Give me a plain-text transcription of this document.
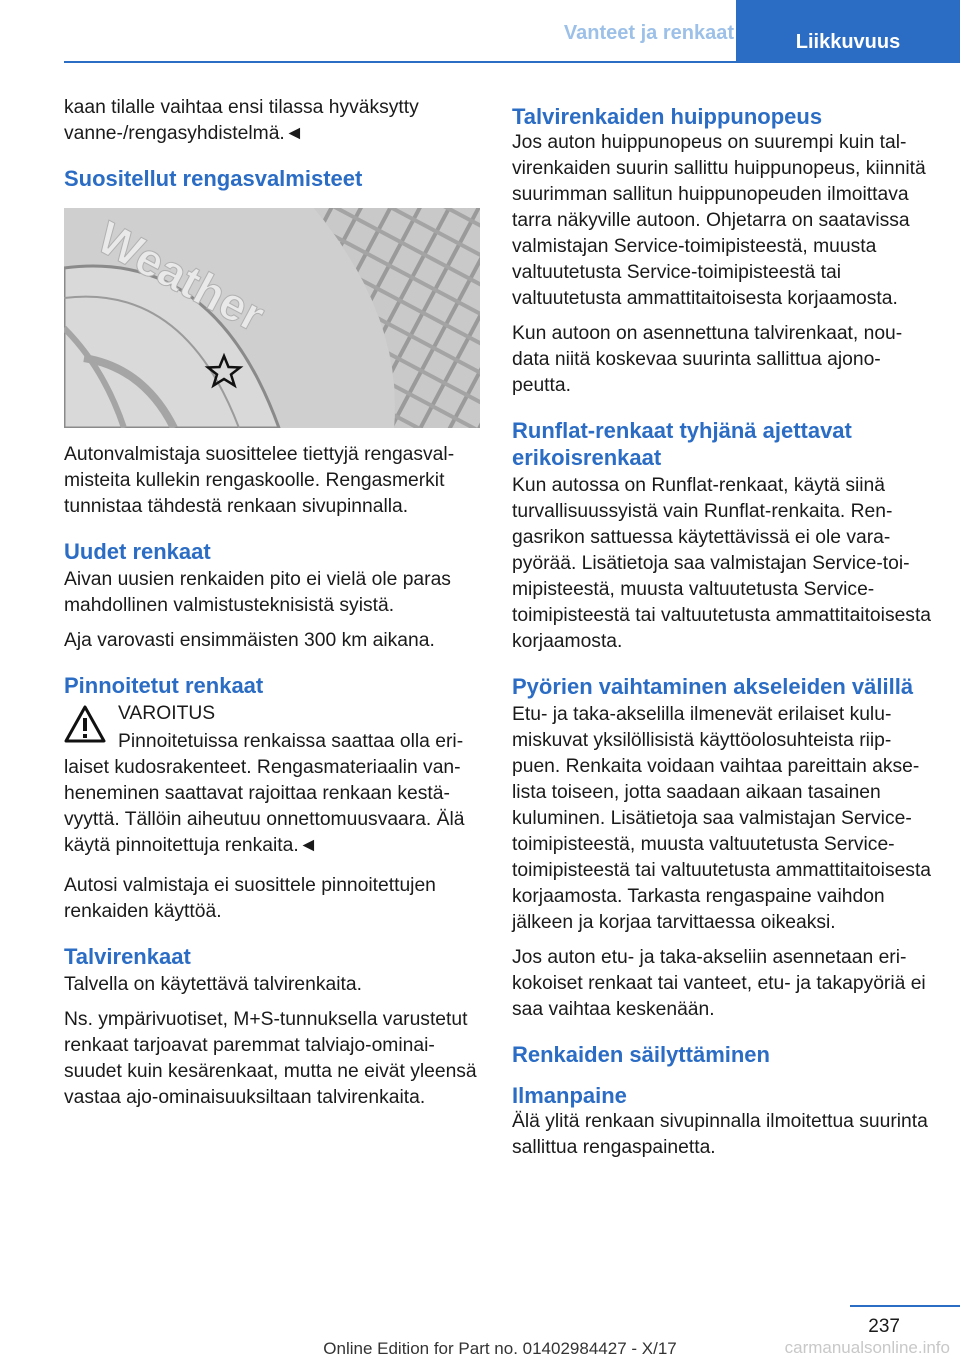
Vanteet ja renkaat	Liikkuvuus

kaan tilalle vaihtaa ensi tilassa hyväksytty vanne-/rengasyhdistelmä.◄

Suositellut rengasvalmisteet
Weather

Autonvalmistaja suosittelee tiettyjä rengasvalmisteita kullekin rengaskoolle. Rengasmerkit tunnistaa tähdestä renkaan sivupinnalla.

Uudet renkaat

Aivan uusien renkaiden pito ei vielä ole paras mahdollinen valmistusteknisistä syistä.

Aja varovasti ensimmäisten 300 km aikana.

Pinnoitetut renkaat

VAROITUS

Pinnoitetuissa renkaissa saattaa olla erilaiset kudosrakenteet. Rengasmateriaalin vanheneminen saattavat rajoittaa renkaan kestävyyttä. Tällöin aiheutuu onnettomuusvaara. Älä käytä pinnoitettuja renkaita.◄

Autosi valmistaja ei suosittele pinnoitettujen renkaiden käyttöä.

Talvirenkaat

Talvella on käytettävä talvirenkaita.

Ns. ympärivuotiset, M+S-tunnuksella varustetut renkaat tarjoavat paremmat talviajo-ominaisuudet kuin kesärenkaat, mutta ne eivät yleensä vastaa ajo-ominaisuuksiltaan talvirenkaita.

Talvirenkaiden huippunopeus

Jos auton huippunopeus on suurempi kuin talvirenkaiden suurin sallittu huippunopeus, kiinnitä suurimman sallitun huippunopeuden ilmoittava tarra näkyville autoon. Ohjetarra on saatavissa valmistajan Service-toimipisteestä, muusta valtuutetusta Service-toimipisteestä tai valtuutetusta ammattitaitoisesta korjaamosta.

Kun autoon on asennettuna talvirenkaat, noudata niitä koskevaa suurinta sallittua ajonopeutta.

Runflat-renkaat tyhjänä ajettavat erikoisrenkaat

Kun autossa on Runflat-renkaat, käytä siinä turvallisuussyistä vain Runflat-renkaita. Rengasrikon sattuessa käytettävissä ei ole varapyörää. Lisätietoja saa valmistajan Service-toimipisteestä, muusta valtuutetusta Service-toimipisteestä tai valtuutetusta ammattitaitoisesta korjaamosta.

Pyörien vaihtaminen akseleiden välillä

Etu- ja taka-akselilla ilmenevät erilaiset kulumiskuvat yksilöllisistä käyttöolosuhteista riippuen. Renkaita voidaan vaihtaa pareittain akselista toiseen, jotta saadaan aikaan tasainen kuluminen. Lisätietoja saa valmistajan Service-toimipisteestä, muusta valtuutetusta Service-toimipisteestä tai valtuutetusta ammattitaitoisesta korjaamosta. Tarkasta rengaspaine vaihdon jälkeen ja korjaa tarvittaessa oikeaksi.

Jos auton etu- ja taka-akseliin asennetaan erikokoiset renkaat tai vanteet, etu- ja takapyöriä ei saa vaihtaa keskenään.

Renkaiden säilyttäminen
Ilmanpaine

Älä ylitä renkaan sivupinnalla ilmoitettua suurinta sallittua rengaspainetta.

237
Online Edition for Part no. 01402984427 - X/17	carmanualsonline.info
